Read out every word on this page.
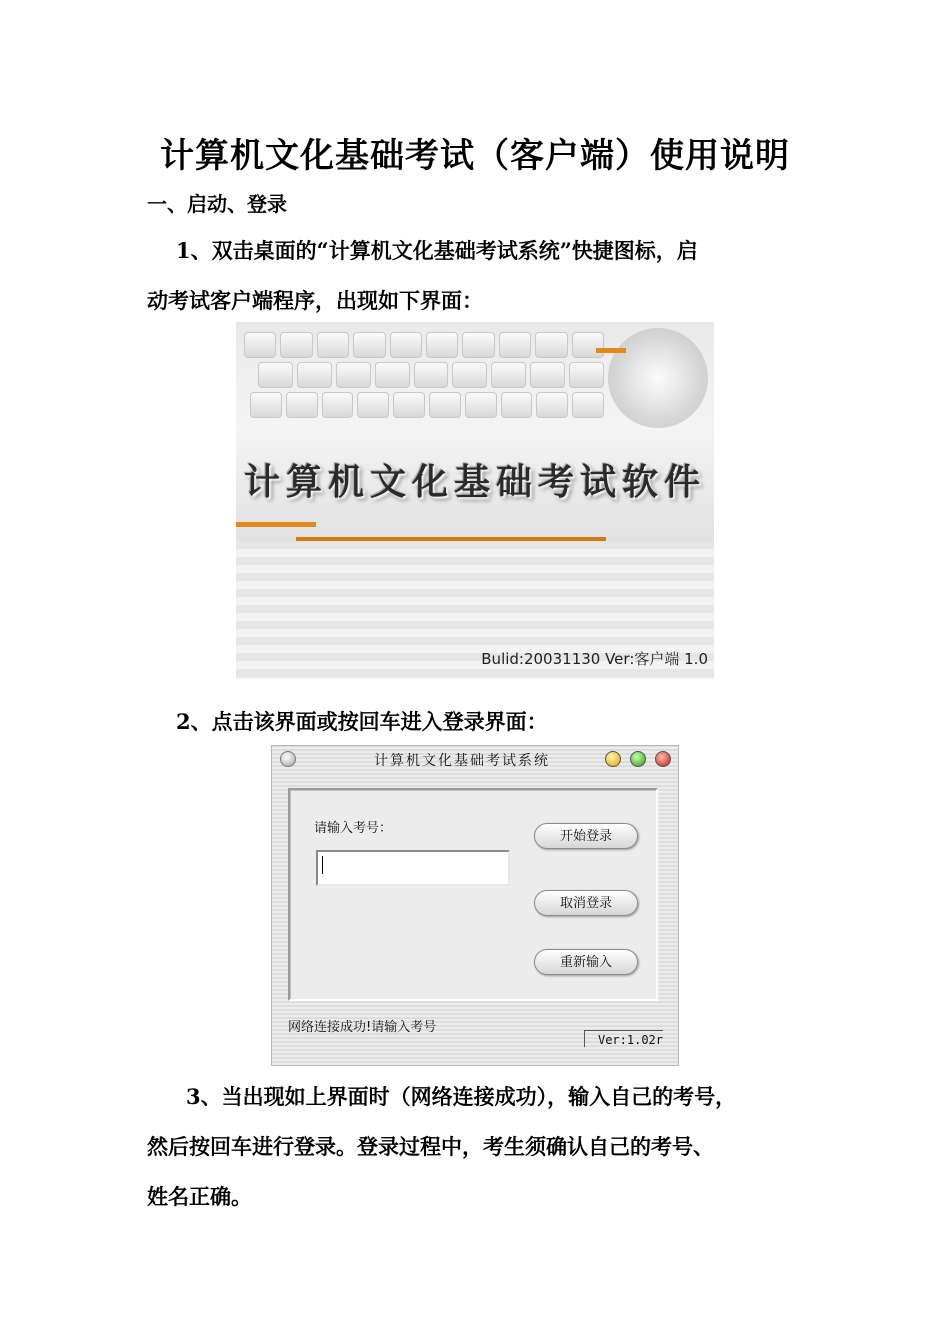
计算机文化基础考试（客户端）使用说明
一、启动、登录
1、双击桌面的“计算机文化基础考试系统”快捷图标，启
动考试客户端程序，出现如下界面：
计算机文化基础考试软件
Bulid:20031130 Ver:客户端 1.0
2、点击该界面或按回车进入登录界面：
计算机文化基础考试系统
请输入考号：
开始登录
取消登录
重新输入
网络连接成功!请输入考号
Ver:1.02r
3、当出现如上界面时（网络连接成功），输入自己的考号，
然后按回车进行登录。登录过程中，考生须确认自己的考号、
姓名正确。
